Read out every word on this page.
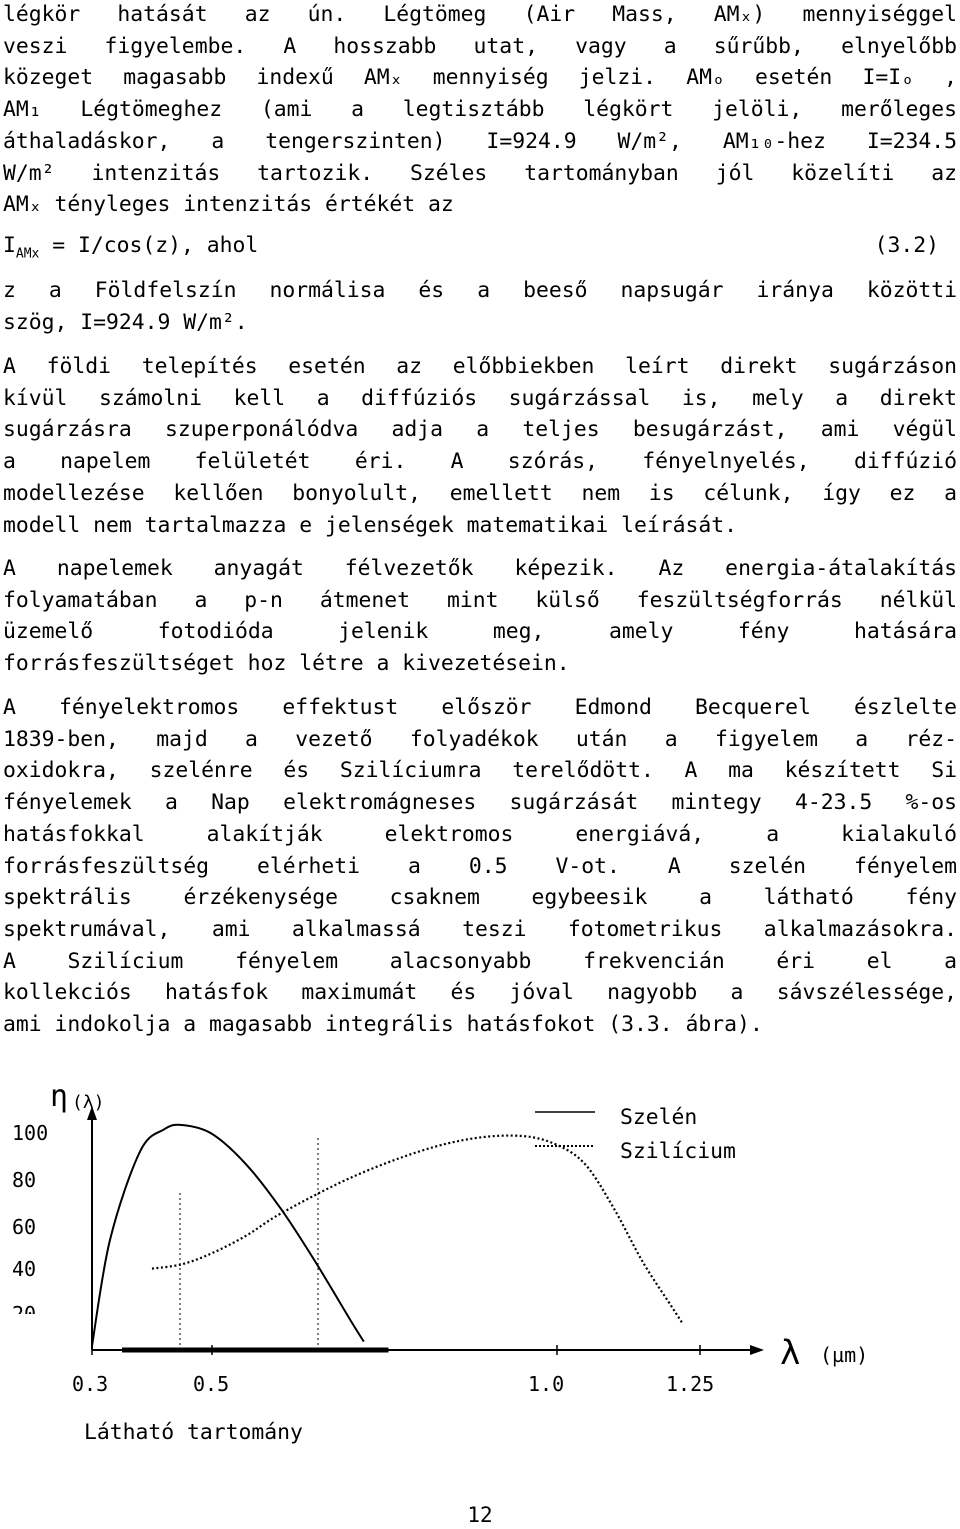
légkör hatását az ún. Légtömeg (Air Mass, AMₓ) mennyiséggel
veszi figyelembe. A hosszabb utat, vagy a sűrűbb, elnyelőbb
közeget magasabb indexű AMₓ mennyiség jelzi. AMₒ esetén I=Iₒ ,
AM₁ Légtömeghez (ami a legtisztább légkört jelöli, merőleges
áthaladáskor, a tengerszinten) I=924.9 W/m², AM₁₀-hez I=234.5
W/m² intenzitás tartozik. Széles tartományban jól közelíti az
AMₓ tényleges intenzitás értékét az
$I_{AMx} = I/\cos(z)$, ahol	(3.2)
z a Földfelszín normálisa és a beeső napsugár iránya közötti
szög, I=924.9 W/m².
A földi telepítés esetén az előbbiekben leírt direkt sugárzáson
kívül számolni kell a diffúziós sugárzással is, mely a direkt
sugárzásra szuperponálódva adja a teljes besugárzást, ami végül
a napelem felületét éri. A szórás, fényelnyelés, diffúzió
modellezése kellően bonyolult, emellett nem is célunk, így ez a
modell nem tartalmazza e jelenségek matematikai leírását.
A napelemek anyagát félvezetők képezik. Az energia-átalakítás
folyamatában a p-n átmenet mint külső feszültségforrás nélkül
üzemelő fotodióda jelenik meg, amely fény hatására
forrásfeszültséget hoz létre a kivezetésein.
A fényelektromos effektust először Edmond Becquerel észlelte
1839-ben, majd a vezető folyadékok után a figyelem a réz-
oxidokra, szelénre és Szilíciumra terelődött. A ma készített Si
fényelemek a Nap elektromágneses sugárzását mintegy 4-23.5 %-os
hatásfokkal alakítják elektromos energiává, a kialakuló
forrásfeszültség elérheti a 0.5 V-ot. A szelén fényelem
spektrális érzékenysége csaknem egybeesik a látható fény
spektrumával, ami alkalmassá teszi fotometrikus alkalmazásokra.
A Szilícium fényelem alacsonyabb frekvencián éri el a
kollekciós hatásfok maximumát és jóval nagyobb a sávszélessége,
ami indokolja a magasabb integrális hatásfokot (3.3. ábra).
100
80
60
40
0.3	0.5	1.0	1.25
η (λ)
λ (µm)
Látható tartomány
Szelén
Szilícium
12
